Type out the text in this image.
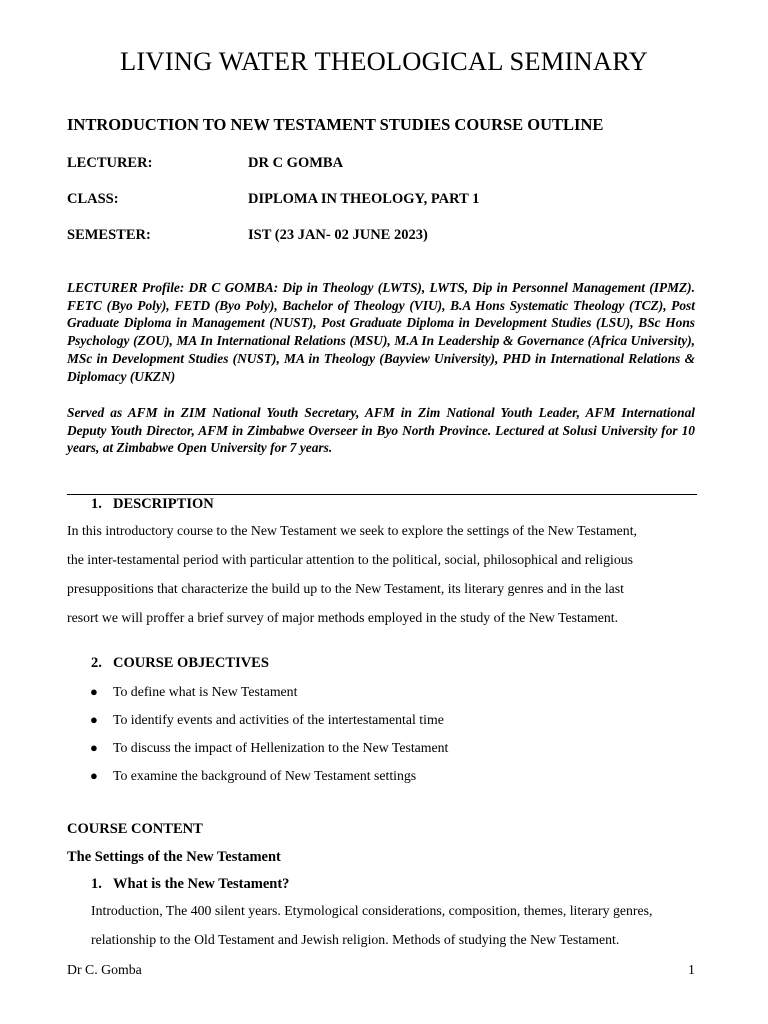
LIVING WATER THEOLOGICAL SEMINARY
INTRODUCTION TO NEW TESTAMENT STUDIES COURSE OUTLINE
LECTURER:	DR C GOMBA
CLASS:	DIPLOMA IN THEOLOGY, PART 1
SEMESTER:	IST (23 JAN- 02 JUNE 2023)
LECTURER Profile: DR C GOMBA: Dip in Theology (LWTS), LWTS, Dip in Personnel Management (IPMZ). FETC (Byo Poly), FETD (Byo Poly), Bachelor of Theology (VIU), B.A Hons Systematic Theology (TCZ), Post Graduate Diploma in Management (NUST), Post Graduate Diploma in Development Studies (LSU), BSc Hons Psychology (ZOU), MA In International Relations (MSU), M.A In Leadership & Governance (Africa University), MSc in Development Studies (NUST), MA in Theology (Bayview University), PHD in International Relations & Diplomacy (UKZN)
Served as AFM in ZIM National Youth Secretary, AFM in Zim National Youth Leader, AFM International Deputy Youth Director, AFM in Zimbabwe Overseer in Byo North Province. Lectured at Solusi University for 10 years, at Zimbabwe Open University for 7 years.
1. DESCRIPTION
In this introductory course to the New Testament we seek to explore the settings of the New Testament,
the inter-testamental period with particular attention to the political, social, philosophical and religious
presuppositions that characterize the build up to the New Testament, its literary genres and in the last
resort we will proffer a brief survey of major methods employed in the study of the New Testament.
2. COURSE OBJECTIVES
● To define what is New Testament
● To identify events and activities of the intertestamental time
● To discuss the impact of Hellenization to the New Testament
● To examine the background of New Testament settings
COURSE CONTENT
The Settings of the New Testament
1. What is the New Testament?
Introduction, The 400 silent years. Etymological considerations, composition, themes, literary genres,
relationship to the Old Testament and Jewish religion. Methods of studying the New Testament.
Dr C. Gomba	1
